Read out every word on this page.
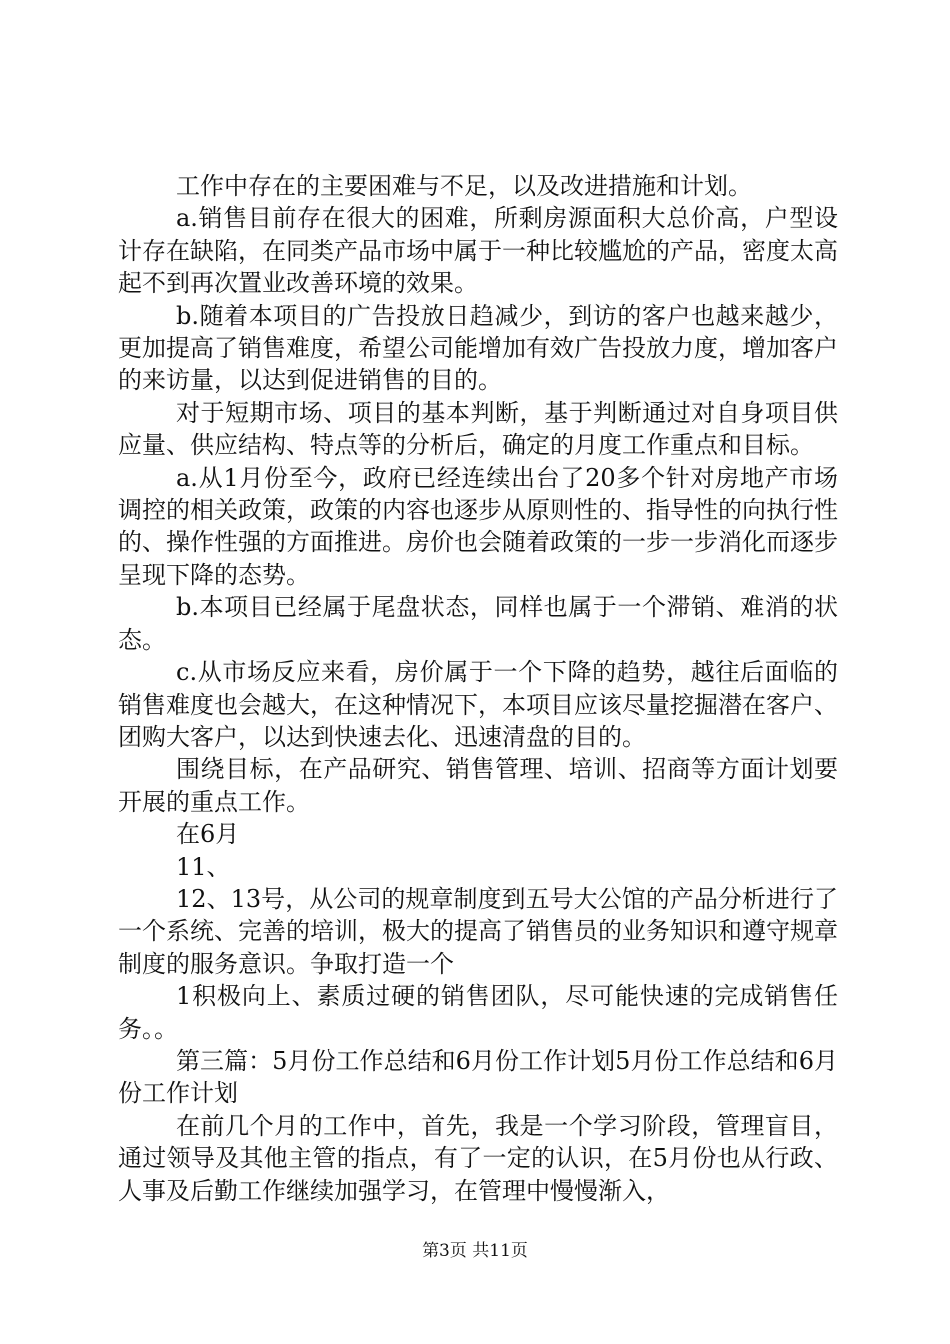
工作中存在的主要困难与不足，以及改进措施和计划。

a.销售目前存在很大的困难，所剩房源面积大总价高，户型设计存在缺陷，在同类产品市场中属于一种比较尴尬的产品，密度太高起不到再次置业改善环境的效果。

b.随着本项目的广告投放日趋减少，到访的客户也越来越少，更加提高了销售难度，希望公司能增加有效广告投放力度，增加客户的来访量，以达到促进销售的目的。

对于短期市场、项目的基本判断，基于判断通过对自身项目供应量、供应结构、特点等的分析后，确定的月度工作重点和目标。

a.从1月份至今，政府已经连续出台了20多个针对房地产市场调控的相关政策，政策的内容也逐步从原则性的、指导性的向执行性的、操作性强的方面推进。房价也会随着政策的一步一步消化而逐步呈现下降的态势。

b.本项目已经属于尾盘状态，同样也属于一个滞销、难消的状态。

c.从市场反应来看，房价属于一个下降的趋势，越往后面临的销售难度也会越大，在这种情况下，本项目应该尽量挖掘潜在客户、团购大客户，以达到快速去化、迅速清盘的目的。

围绕目标，在产品研究、销售管理、培训、招商等方面计划要开展的重点工作。

在6月

11、

12、13号，从公司的规章制度到五号大公馆的产品分析进行了一个系统、完善的培训，极大的提高了销售员的业务知识和遵守规章制度的服务意识。争取打造一个

1积极向上、素质过硬的销售团队，尽可能快速的完成销售任务。。

第三篇：5月份工作总结和6月份工作计划5月份工作总结和6月份工作计划

在前几个月的工作中，首先，我是一个学习阶段，管理盲目，通过领导及其他主管的指点，有了一定的认识，在5月份也从行政、人事及后勤工作继续加强学习，在管理中慢慢渐入，

第3页 共11页
